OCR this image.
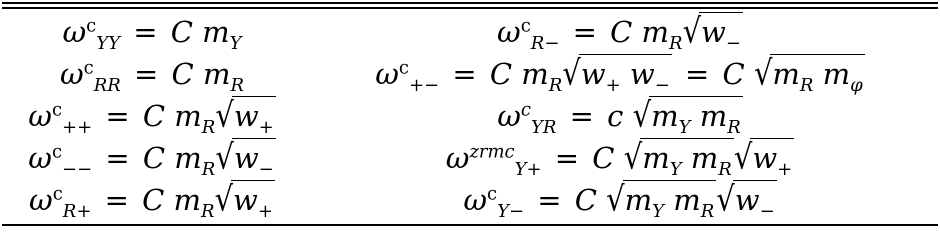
$\omega^c_{YY} = C$ $m_Y$	$\omega^c_{R-} = C$ $m_R√w_-$
$\omega^c_{RR} = C$ $m_R$	$\omega^c_{+-} = C$ $m_R√w_+$ $w_- = C$ $√m_R$ $m_\varphi$
$\omega^c_{++} = C$ $m_R√w_+$	$\omega^c_{YR} = c$ $√m_Y$ $m_R$
$\omega^c_{--} = C$ $m_R√w_-$	$\omega^{zrmc}_{Y+} = C$ $√m_Y$ $m_R√w_+$
$\omega^c_{R+} = C$ $m_R√w_+$	$\omega^c_{Y-} = C$ $√m_Y$ $m_R√w_-$
